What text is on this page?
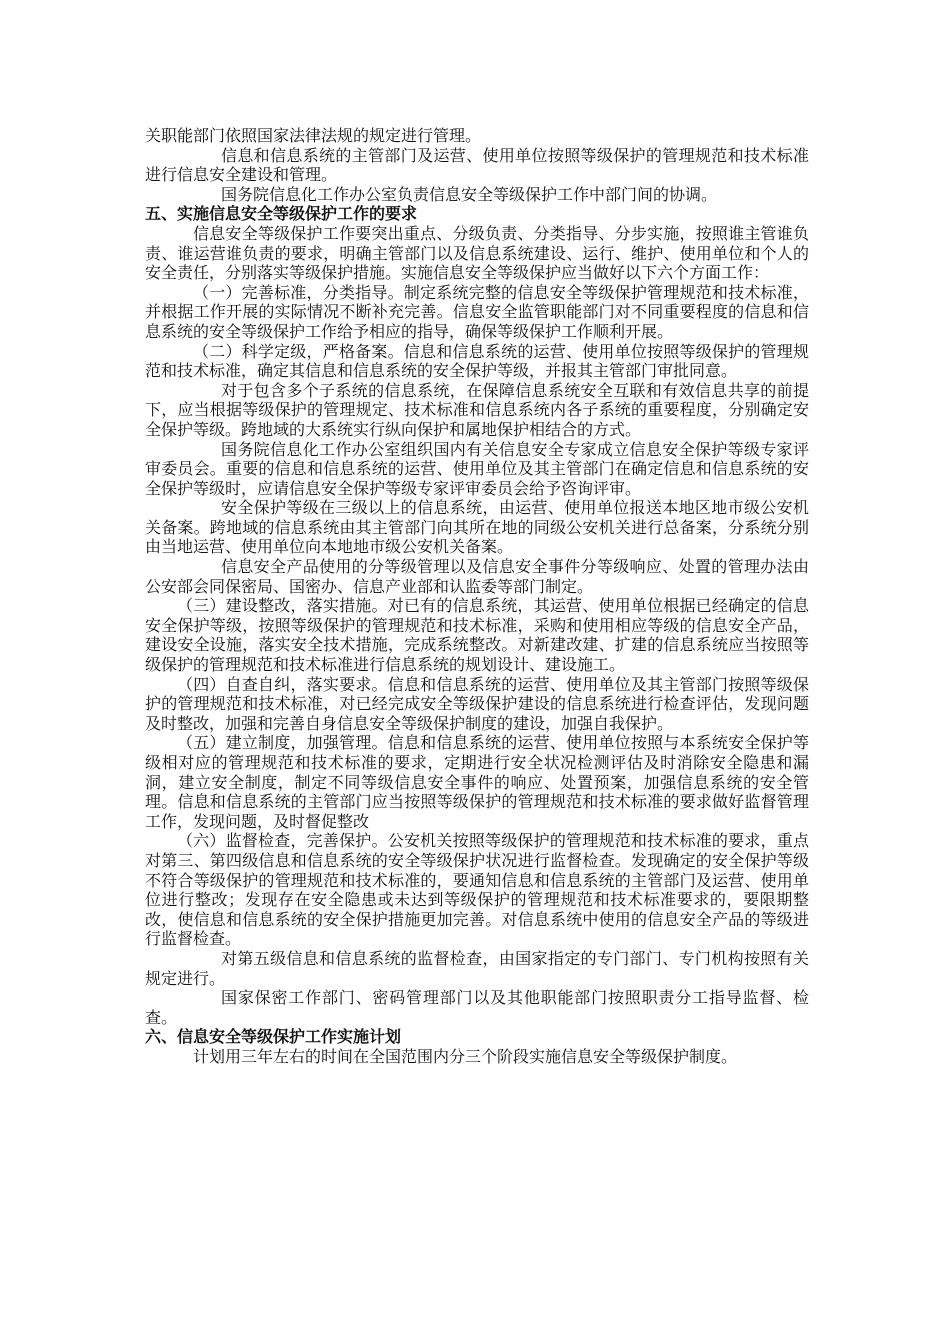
关职能部门依照国家法律法规的规定进行管理。

信息和信息系统的主管部门及运营、使用单位按照等级保护的管理规范和技术标准进行信息安全建设和管理。

国务院信息化工作办公室负责信息安全等级保护工作中部门间的协调。

五、实施信息安全等级保护工作的要求

信息安全等级保护工作要突出重点、分级负责、分类指导、分步实施，按照谁主管谁负责、谁运营谁负责的要求，明确主管部门以及信息系统建设、运行、维护、使用单位和个人的安全责任，分别落实等级保护措施。实施信息安全等级保护应当做好以下六个方面工作：

（一）完善标准，分类指导。制定系统完整的信息安全等级保护管理规范和技术标准，并根据工作开展的实际情况不断补充完善。信息安全监管职能部门对不同重要程度的信息和信息系统的安全等级保护工作给予相应的指导，确保等级保护工作顺利开展。

（二）科学定级，严格备案。信息和信息系统的运营、使用单位按照等级保护的管理规范和技术标准，确定其信息和信息系统的安全保护等级，并报其主管部门审批同意。

对于包含多个子系统的信息系统，在保障信息系统安全互联和有效信息共享的前提下，应当根据等级保护的管理规定、技术标准和信息系统内各子系统的重要程度，分别确定安全保护等级。跨地域的大系统实行纵向保护和属地保护相结合的方式。

国务院信息化工作办公室组织国内有关信息安全专家成立信息安全保护等级专家评审委员会。重要的信息和信息系统的运营、使用单位及其主管部门在确定信息和信息系统的安全保护等级时，应请信息安全保护等级专家评审委员会给予咨询评审。

安全保护等级在三级以上的信息系统，由运营、使用单位报送本地区地市级公安机关备案。跨地域的信息系统由其主管部门向其所在地的同级公安机关进行总备案，分系统分别由当地运营、使用单位向本地地市级公安机关备案。

信息安全产品使用的分等级管理以及信息安全事件分等级响应、处置的管理办法由公安部会同保密局、国密办、信息产业部和认监委等部门制定。

（三）建设整改，落实措施。对已有的信息系统，其运营、使用单位根据已经确定的信息安全保护等级，按照等级保护的管理规范和技术标准，采购和使用相应等级的信息安全产品，建设安全设施，落实安全技术措施，完成系统整改。对新建改建、扩建的信息系统应当按照等级保护的管理规范和技术标准进行信息系统的规划设计、建设施工。

（四）自查自纠，落实要求。信息和信息系统的运营、使用单位及其主管部门按照等级保护的管理规范和技术标准，对已经完成安全等级保护建设的信息系统进行检查评估，发现问题及时整改，加强和完善自身信息安全等级保护制度的建设，加强自我保护。

（五）建立制度，加强管理。信息和信息系统的运营、使用单位按照与本系统安全保护等级相对应的管理规范和技术标准的要求，定期进行安全状况检测评估及时消除安全隐患和漏洞，建立安全制度，制定不同等级信息安全事件的响应、处置预案，加强信息系统的安全管理。信息和信息系统的主管部门应当按照等级保护的管理规范和技术标准的要求做好监督管理工作，发现问题，及时督促整改

（六）监督检查，完善保护。公安机关按照等级保护的管理规范和技术标准的要求，重点对第三、第四级信息和信息系统的安全等级保护状况进行监督检查。发现确定的安全保护等级不符合等级保护的管理规范和技术标准的，要通知信息和信息系统的主管部门及运营、使用单位进行整改；发现存在安全隐患或未达到等级保护的管理规范和技术标准要求的，要限期整改，使信息和信息系统的安全保护措施更加完善。对信息系统中使用的信息安全产品的等级进行监督检查。

对第五级信息和信息系统的监督检查，由国家指定的专门部门、专门机构按照有关规定进行。

国家保密工作部门、密码管理部门以及其他职能部门按照职责分工指导监督、检查。

六、信息安全等级保护工作实施计划

计划用三年左右的时间在全国范围内分三个阶段实施信息安全等级保护制度。
